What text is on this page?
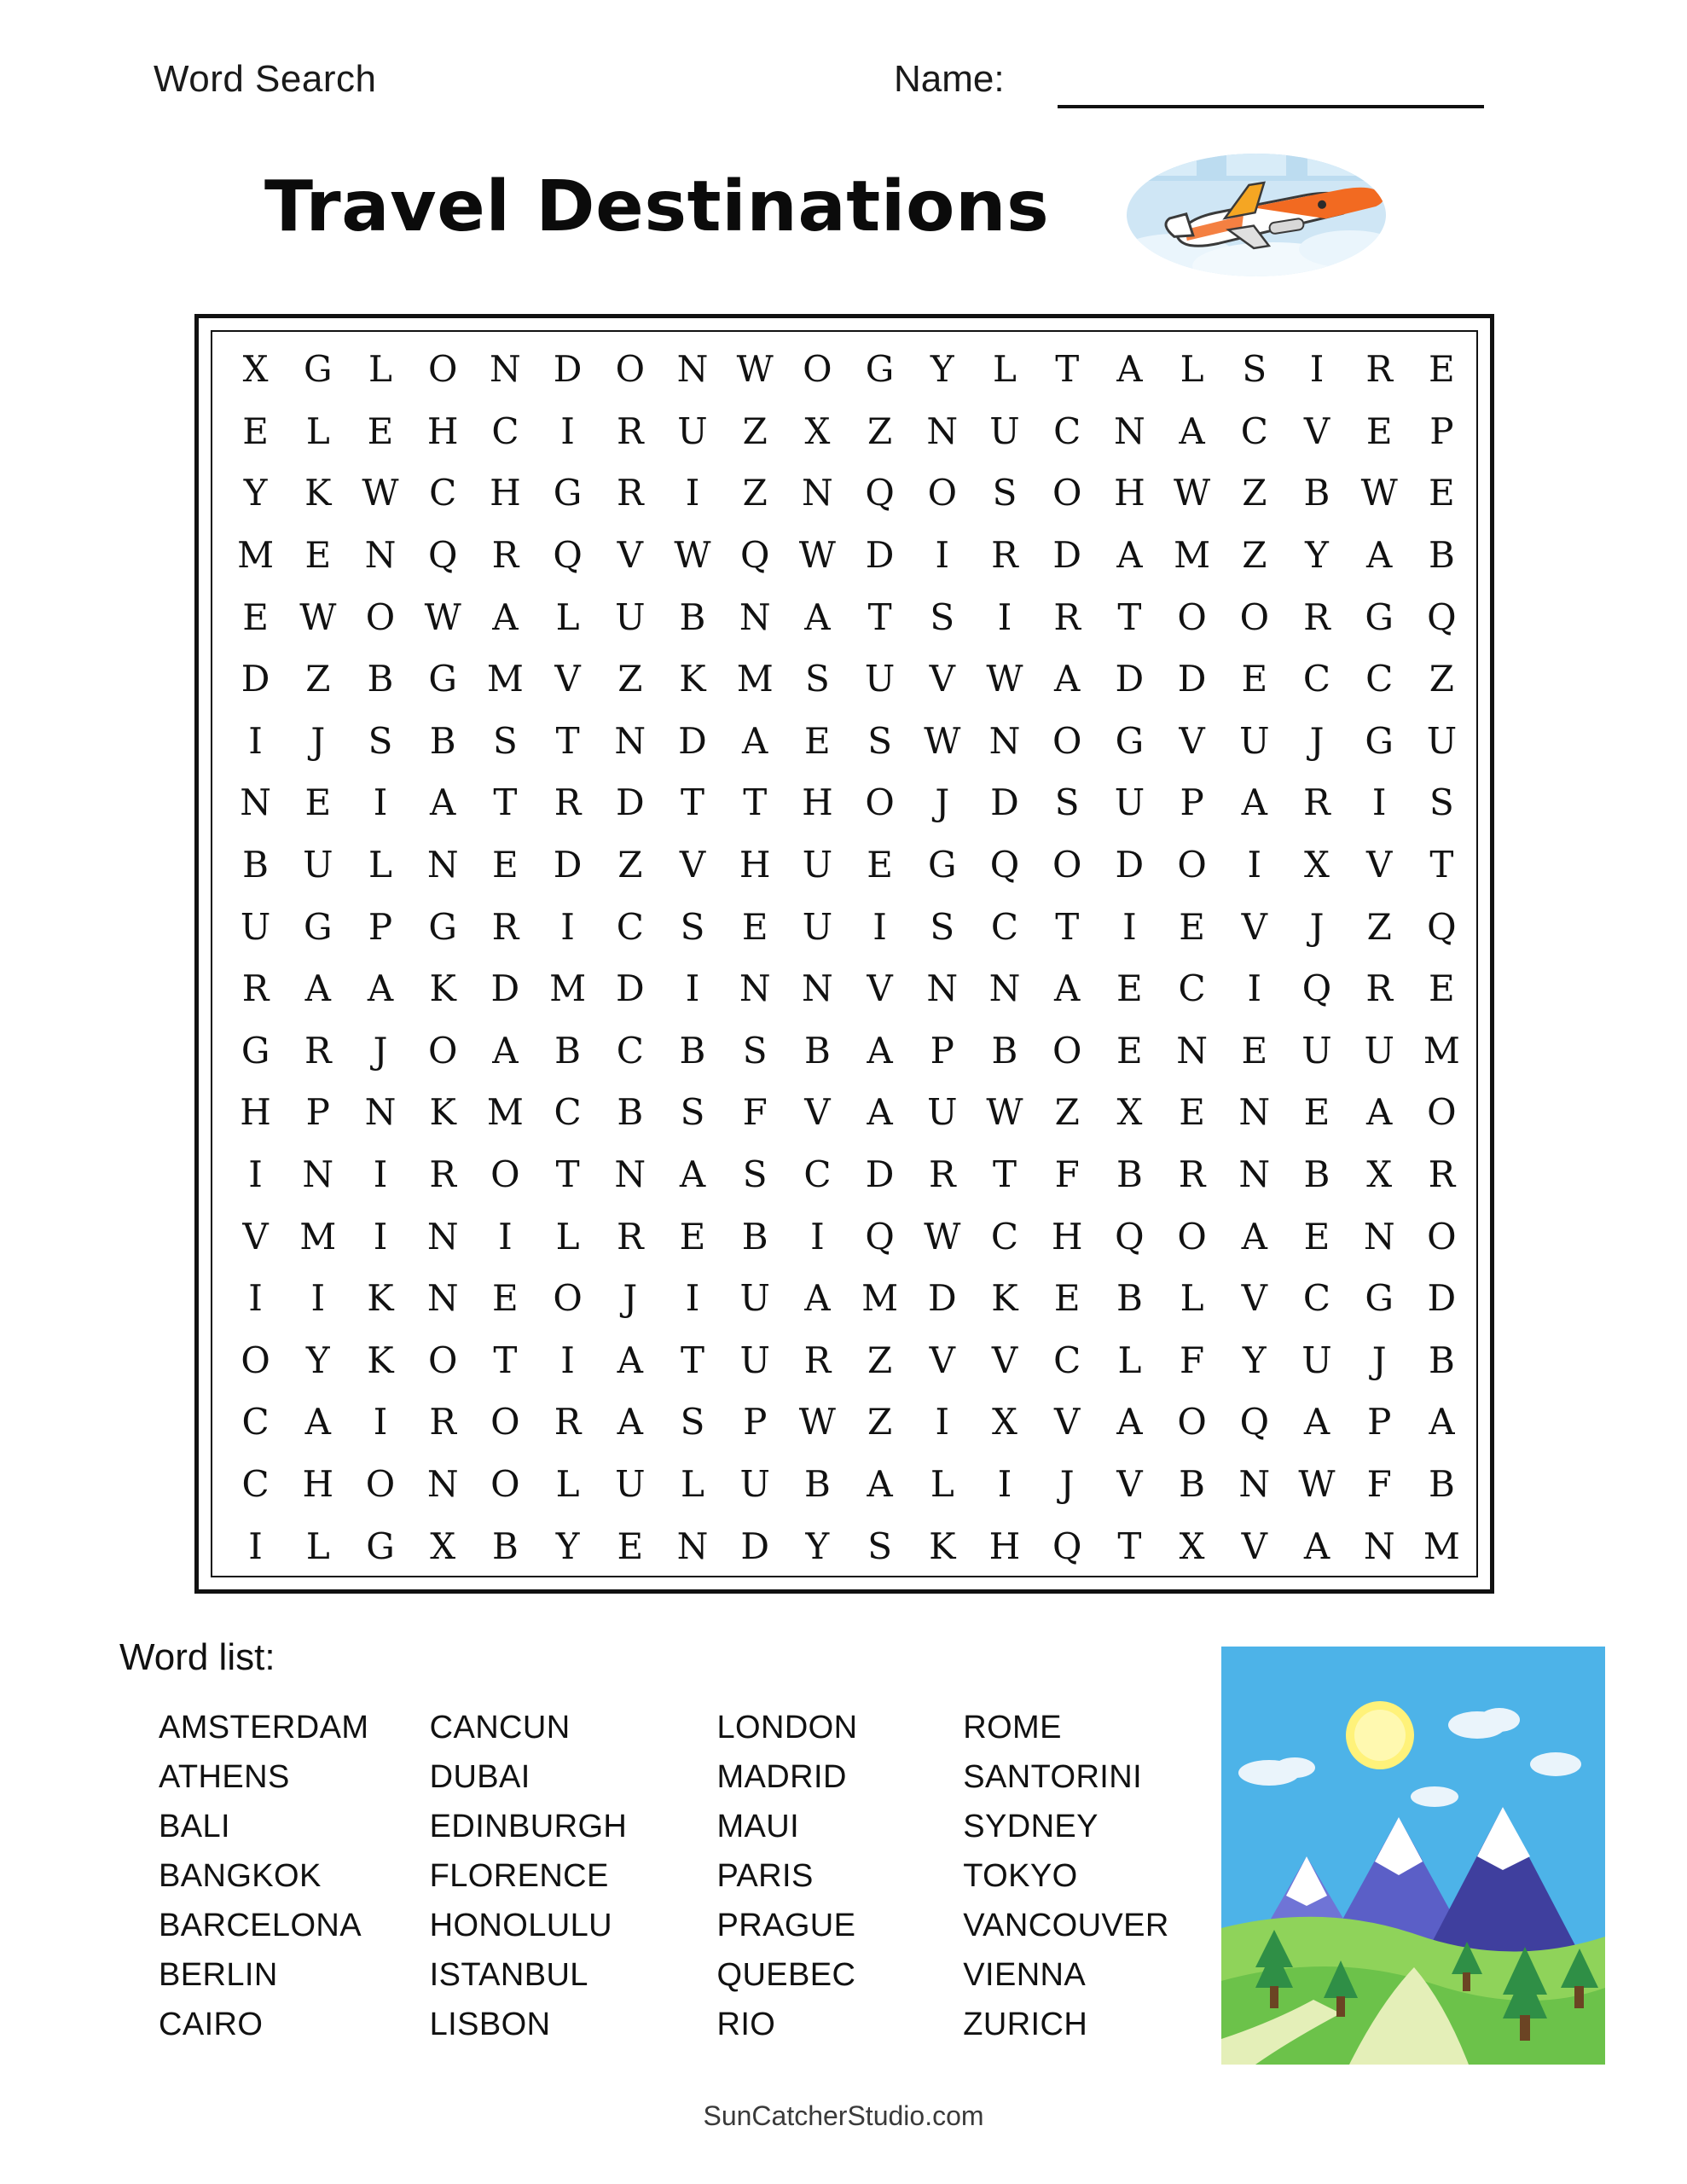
Word Search	Name:
Travel Destinations
X G	L	O N D O N W O G	Y	L	T	A	L	S	I	R	E
E	L	E H C	I	R U Z	X	Z N U C N A C V	E	P
Y	K W C H G R	I	Z N Q O S O H W Z	B W E
M E N Q R Q V W Q W D	I	R D A M Z	Y	A	B
E W O W A	L U B N A	T	S	I	R	T O O R G Q
D Z	B G M V	Z	K M S U V W A D D E C C	Z
I	J	S	B	S	T N D A	E	S W N O G V U	J	G U
N E	I	A	T	R D	T	T H O	J	D S U P	A	R	I	S
B U L N E D Z	V H U E G Q O D O	I	X	V	T
U G	P	G R	I	C	S	E U	I	S	C	T	I	E	V	J	Z Q
R	A	A	K D M D	I	N N V N N A	E C	I	Q R	E
G R	J	O A	B C B	S	B	A	P	B O E N E U U M
H P N K M C B	S	F	V	A U W Z	X	E N E	A O
I	N	I	R O T N A	S	C D R	T	F	B R N B	X	R
V M	I	N	I	L	R	E	B	I	Q W C H Q O A	E N O
I	I	K N E O	J	I	U A M D K	E	B	L	V C G D
O	Y	K O T	I	A	T U R	Z	V	V C	L	F	Y U	J	B
C A	I	R O R	A	S	P W Z	I	X	V	A O Q A	P	A
C H O N O	L U L U B	A	L	I	J	V	B N W F	B
I	L	G X	B	Y	E N D	Y	S	K H Q T	X	V	A N M
Word list:
AMSTERDAM
ATHENS
BALI
BANGKOK
BARCELONA
BERLIN
CAIRO
CANCUN
DUBAI
EDINBURGH
FLORENCE
HONOLULU
ISTANBUL
LISBON
LONDON
MADRID
MAUI
PARIS
PRAGUE
QUEBEC
RIO
ROME
SANTORINI
SYDNEY
TOKYO
VANCOUVER
VIENNA
ZURICH
SunCatcherStudio.com
